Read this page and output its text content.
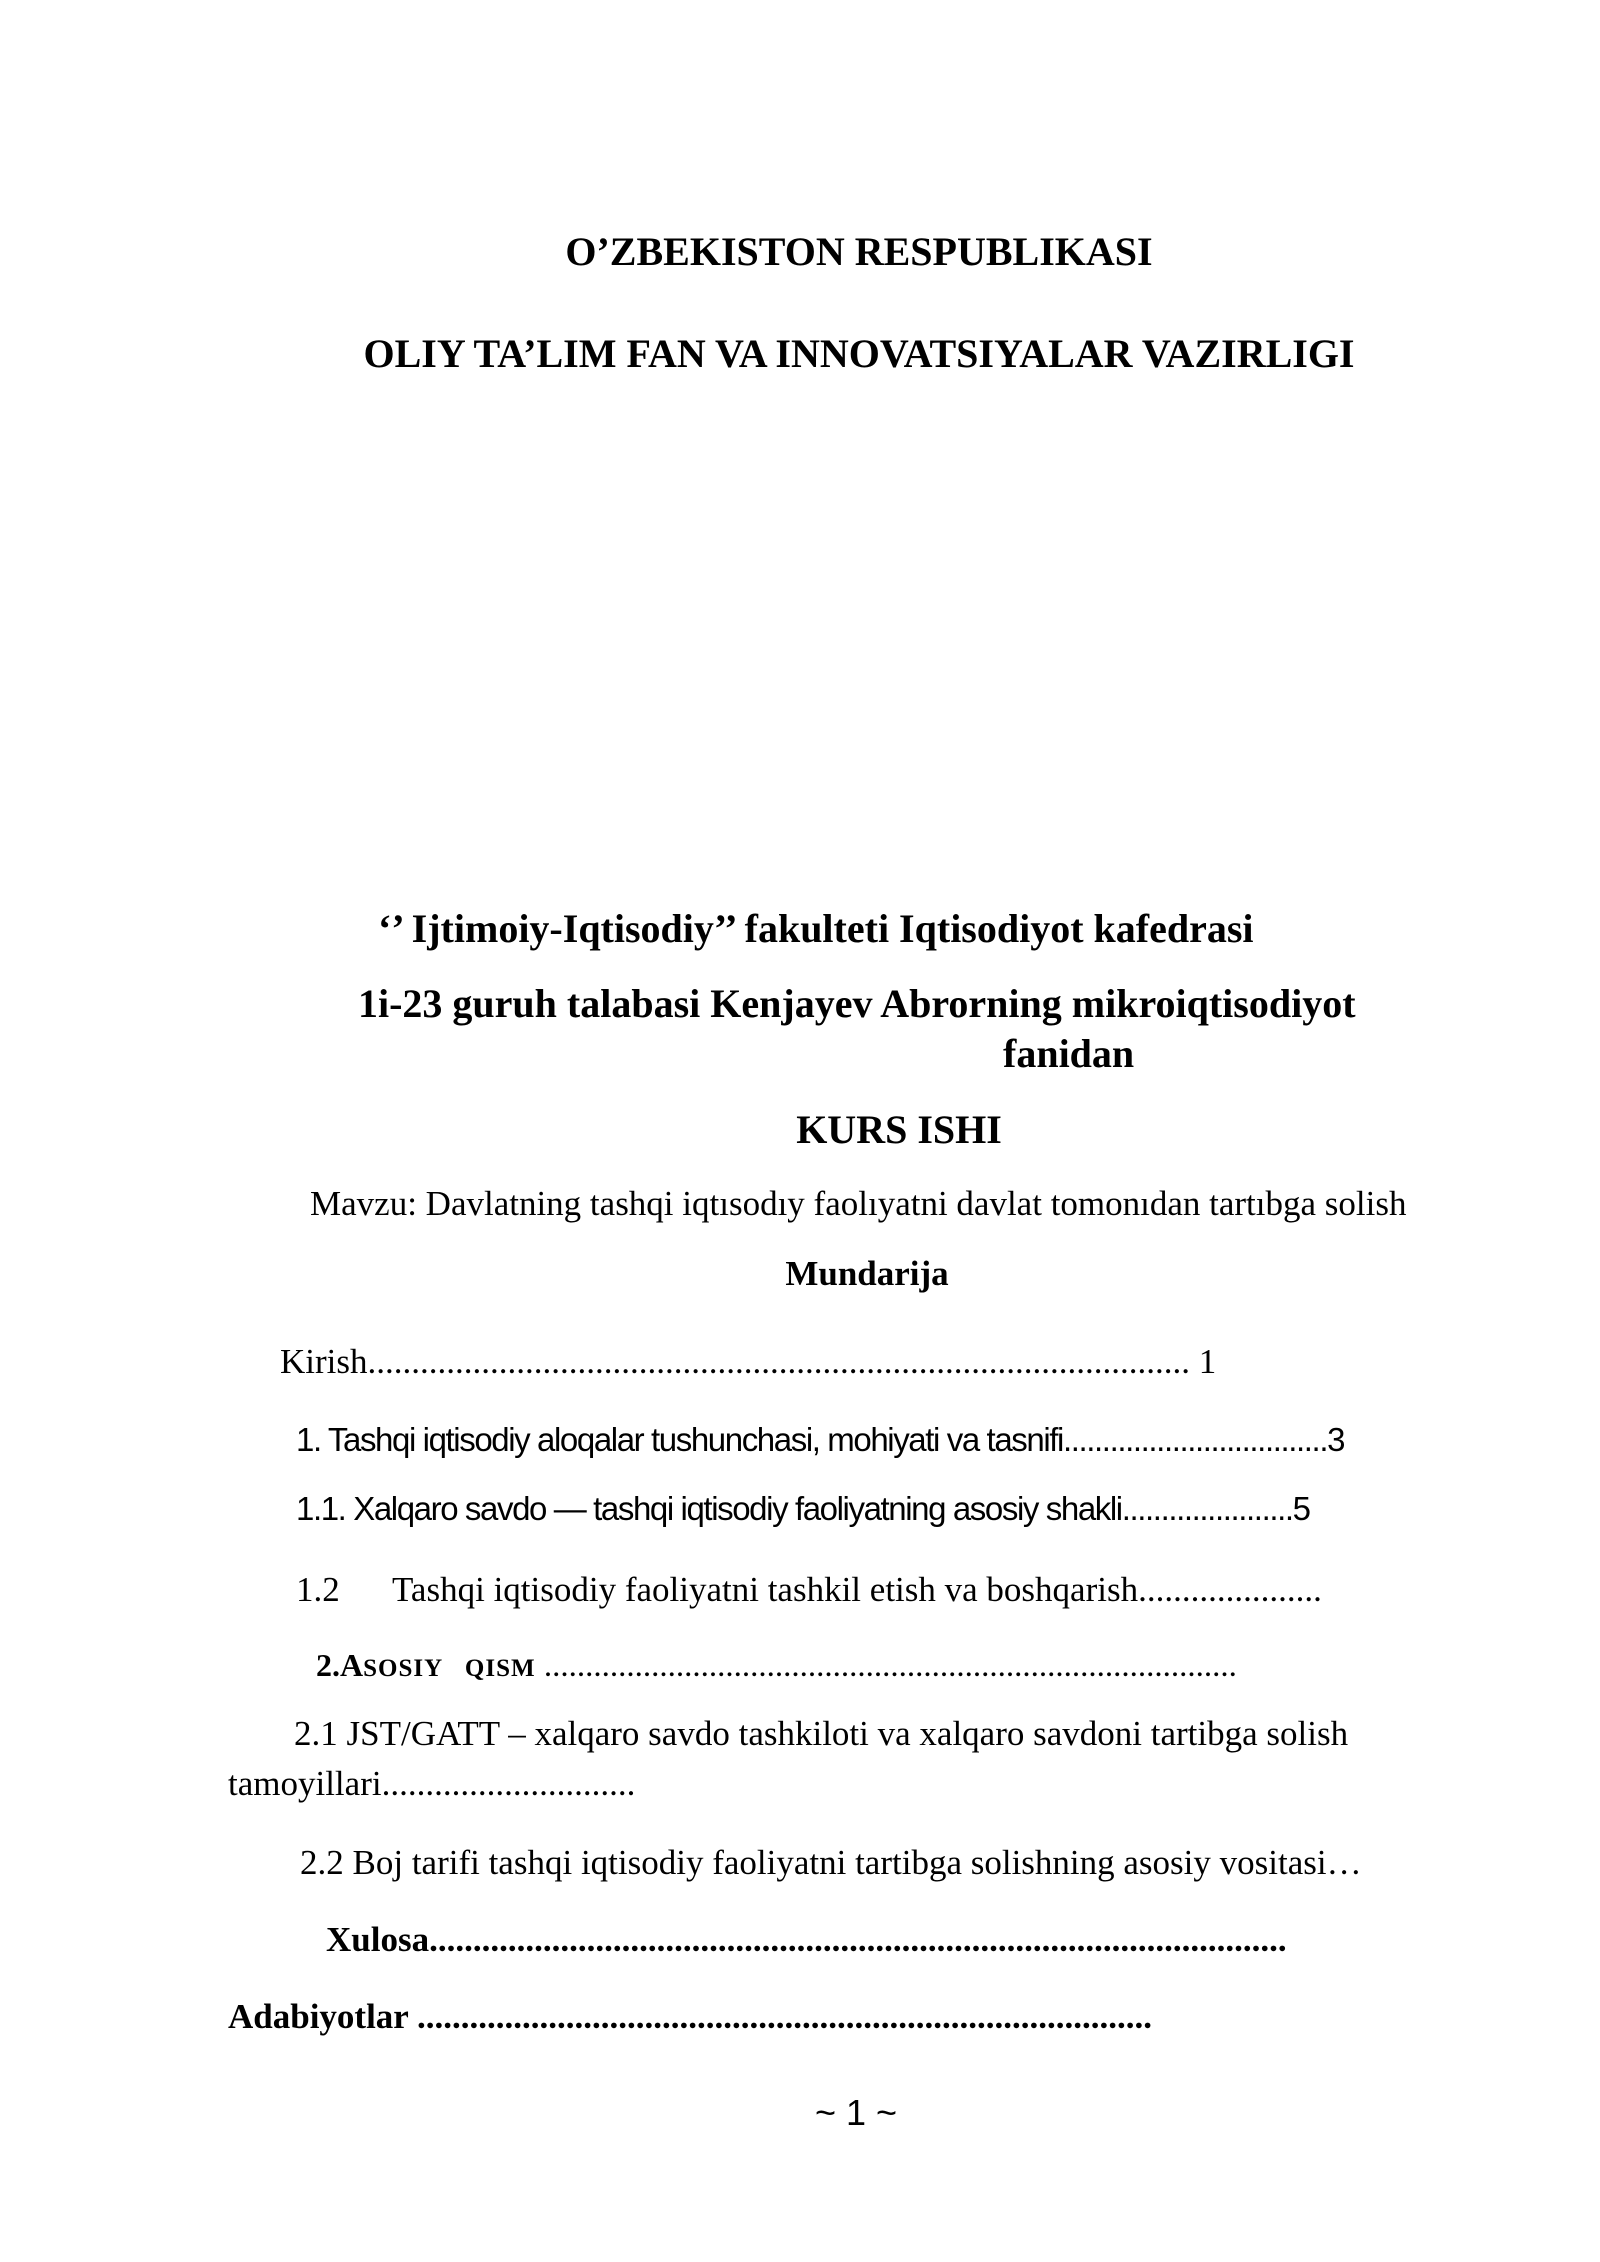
O’ZBEKISTON RESPUBLIKASI

OLIY TA’LIM FAN VA INNOVATSIYALAR VAZIRLIGI

‘’ Ijtimoiy-Iqtisodiy’’ fakulteti Iqtisodiyot kafedrasi

1i-23 guruh talabasi Kenjayev Abrorning mikroiqtisodiyot

fanidan

KURS ISHI

Mavzu: Davlatning tashqi iqtısodıy faolıyatni davlat tomonıdan tartıbga solish

Mundarija

Kirish.............................................................................................. 1

1. Tashqi iqtisodiy aloqalar tushunchasi, mohiyati va tasnifi..................................3

1.1. Xalqaro savdo — tashqi iqtisodiy faoliyatning asosiy shakli......................5

1.2 Tashqi iqtisodiy faoliyatni tashkil etish va boshqarish.....................

2.ASOSIY QISM ....................................................................................

2.1 JST/GATT – xalqaro savdo tashkiloti va xalqaro savdoni tartibga solish

tamoyillari.............................

2.2 Boj tarifi tashqi iqtisodiy faoliyatni tartibga solishning asosiy vositasi…

Xulosa..................................................................................................

Adabiyotlar ....................................................................................

~ 1 ~
